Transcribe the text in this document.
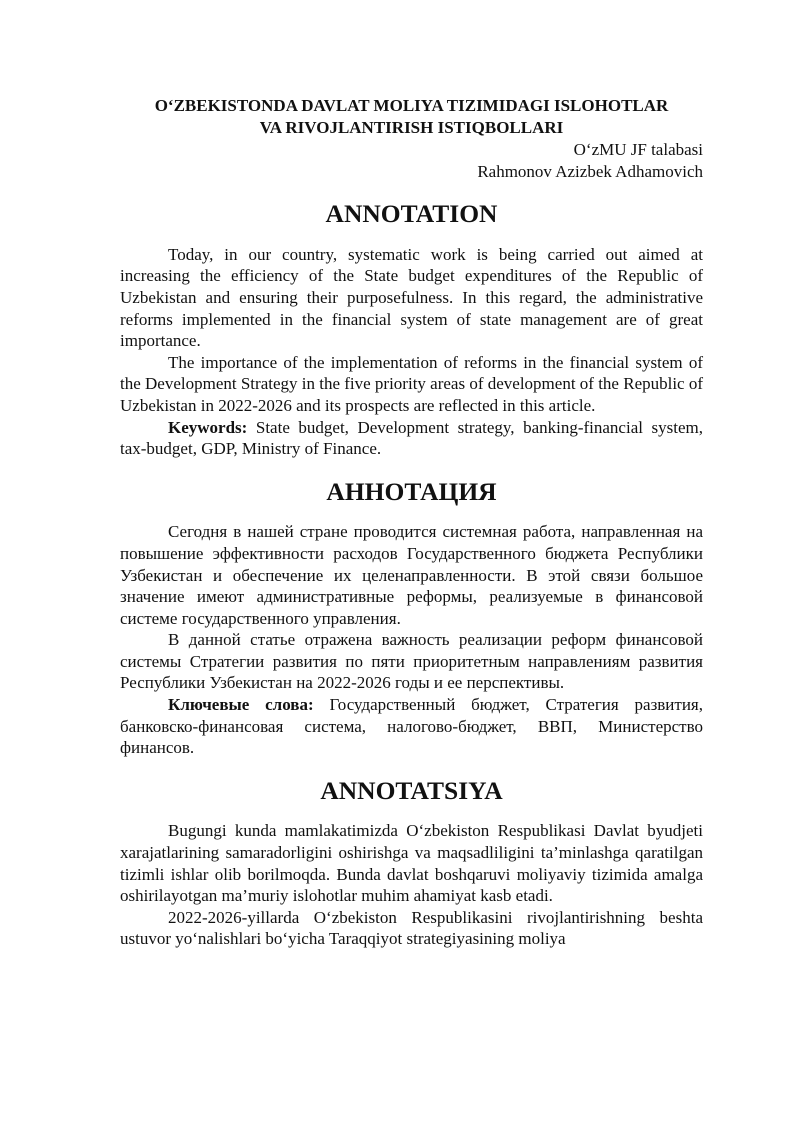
O‘ZBEKISTONDA DAVLAT MOLIYA TIZIMIDAGI ISLOHOTLAR
VA RIVOJLANTIRISH ISTIQBOLLARI

O‘zMU JF talabasi

Rahmonov Azizbek Adhamovich

ANNOTATION

Today, in our country, systematic work is being carried out aimed at increasing the efficiency of the State budget expenditures of the Republic of Uzbekistan and ensuring their purposefulness. In this regard, the administrative reforms implemented in the financial system of state management are of great importance.

The importance of the implementation of reforms in the financial system of the Development Strategy in the five priority areas of development of the Republic of Uzbekistan in 2022-2026 and its prospects are reflected in this article.

Keywords: State budget, Development strategy, banking-financial system, tax-budget, GDP, Ministry of Finance.

АННОТАЦИЯ

Сегодня в нашей стране проводится системная работа, направленная на повышение эффективности расходов Государственного бюджета Республики Узбекистан и обеспечение их целенаправленности. В этой связи большое значение имеют административные реформы, реализуемые в финансовой системе государственного управления.

В данной статье отражена важность реализации реформ финансовой системы Стратегии развития по пяти приоритетным направлениям развития Республики Узбекистан на 2022-2026 годы и ее перспективы.

Ключевые слова: Государственный бюджет, Стратегия развития, банковско-финансовая система, налогово-бюджет, ВВП, Министерство финансов.

ANNOTATSIYA

Bugungi kunda mamlakatimizda O‘zbekiston Respublikasi Davlat byudjeti xarajatlarining samaradorligini oshirishga va maqsadliligini ta’minlashga qaratilgan tizimli ishlar olib borilmoqda. Bunda davlat boshqaruvi moliyaviy tizimida amalga oshirilayotgan ma’muriy islohotlar muhim ahamiyat kasb etadi.

2022-2026-yillarda O‘zbekiston Respublikasini rivojlantirishning beshta ustuvor yo‘nalishlari bo‘yicha Taraqqiyot strategiyasining moliya
